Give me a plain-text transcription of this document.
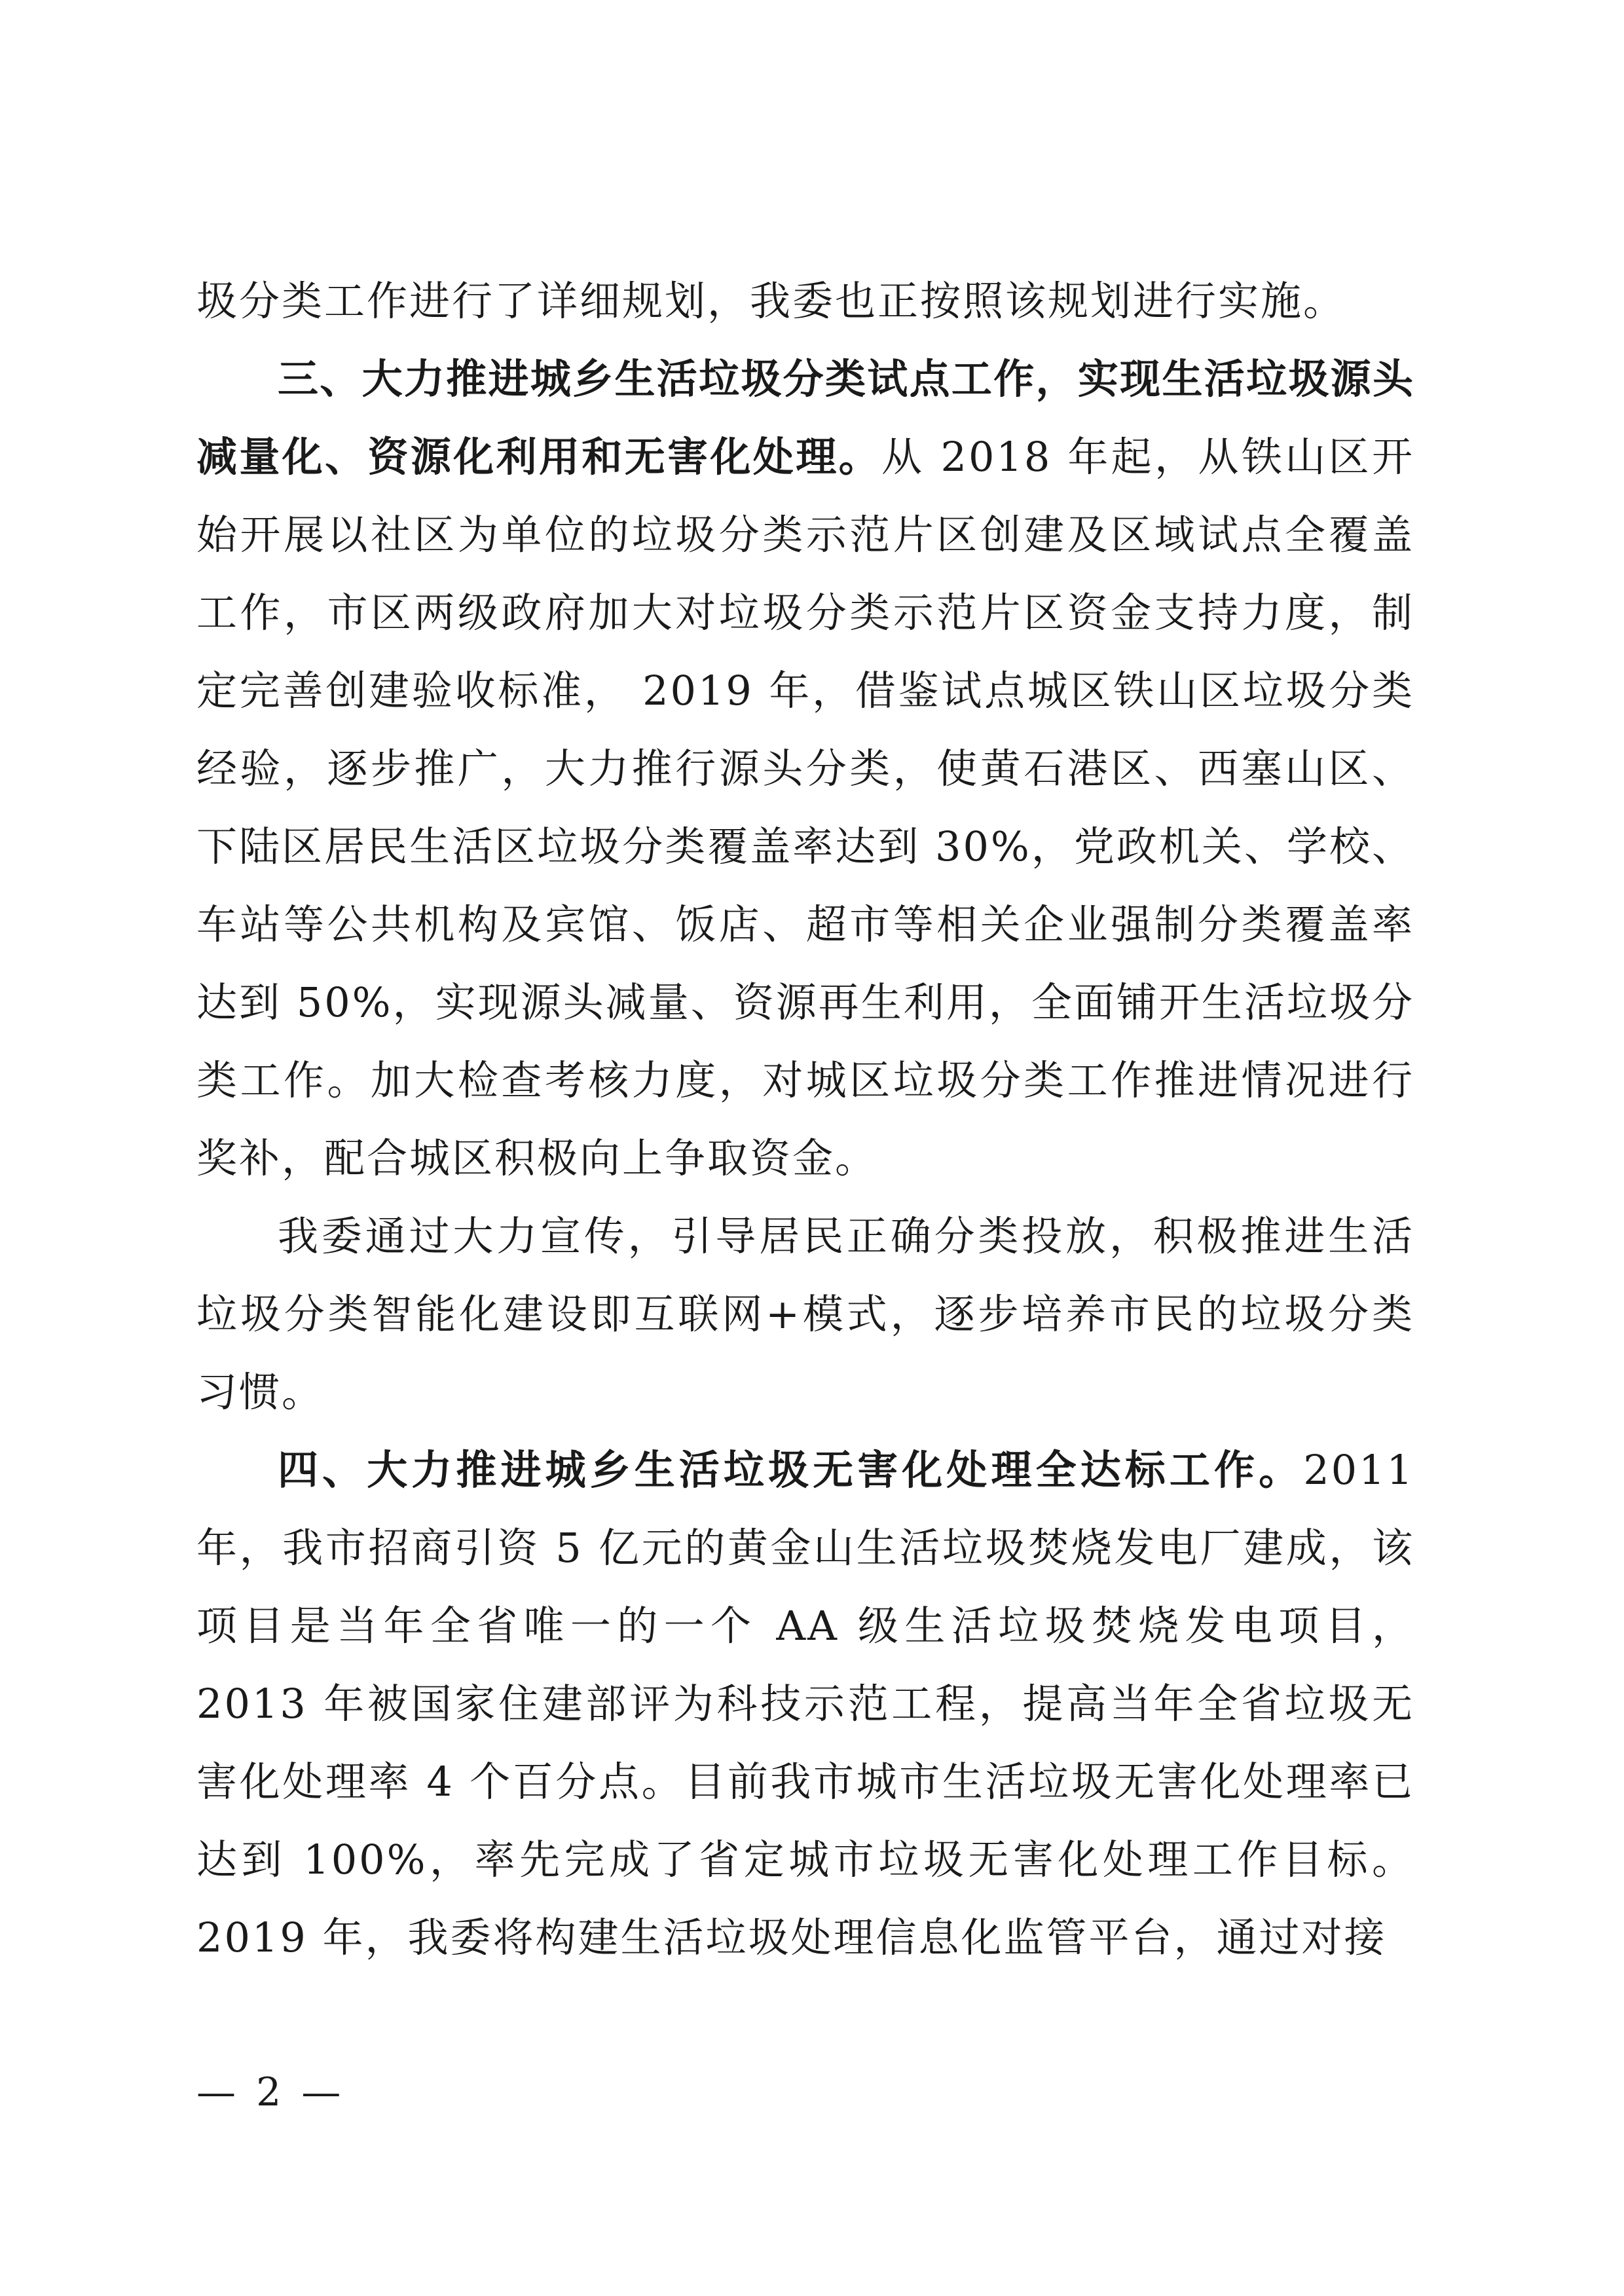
圾分类工作进行了详细规划，我委也正按照该规划进行实施。

三、大力推进城乡生活垃圾分类试点工作，实现生活垃圾源头减量化、资源化利用和无害化处理。从 2018 年起，从铁山区开始开展以社区为单位的垃圾分类示范片区创建及区域试点全覆盖工作，市区两级政府加大对垃圾分类示范片区资金支持力度，制定完善创建验收标准， 2019 年，借鉴试点城区铁山区垃圾分类经验，逐步推广，大力推行源头分类，使黄石港区、西塞山区、下陆区居民生活区垃圾分类覆盖率达到 30%，党政机关、学校、车站等公共机构及宾馆、饭店、超市等相关企业强制分类覆盖率达到 50%，实现源头减量、资源再生利用，全面铺开生活垃圾分类工作。加大检查考核力度，对城区垃圾分类工作推进情况进行奖补，配合城区积极向上争取资金。

我委通过大力宣传，引导居民正确分类投放，积极推进生活垃圾分类智能化建设即互联网+模式，逐步培养市民的垃圾分类习惯。

四、大力推进城乡生活垃圾无害化处理全达标工作。2011 年，我市招商引资 5 亿元的黄金山生活垃圾焚烧发电厂建成，该项目是当年全省唯一的一个 AA 级生活垃圾焚烧发电项目，2013 年被国家住建部评为科技示范工程，提高当年全省垃圾无害化处理率 4 个百分点。目前我市城市生活垃圾无害化处理率已达到 100%，率先完成了省定城市垃圾无害化处理工作目标。2019 年，我委将构建生活垃圾处理信息化监管平台，通过对接

— 2 —
